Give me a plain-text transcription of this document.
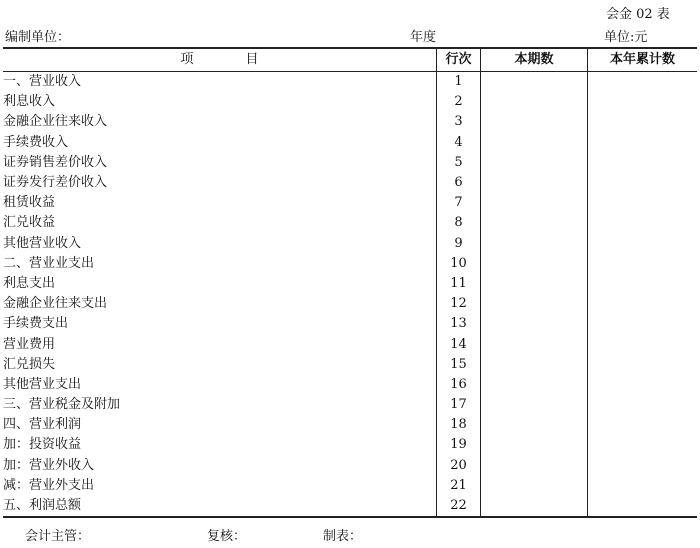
会金 02 表
编制单位：	年度	单位:元
项　　　　目	行次	本期数	本年累计数
一、营业收入	1		
利息收入	2		
金融企业往来收入	3		
手续费收入	4		
证券销售差价收入	5		
证券发行差价收入	6		
租赁收益	7		
汇兑收益	8		
其他营业收入	9		
二、营业业支出	10		
利息支出	11		
金融企业往来支出	12		
手续费支出	13		
营业费用	14		
汇兑损失	15		
其他营业支出	16		
三、营业税金及附加	17		
四、营业利润	18		
加：投资收益	19		
加：营业外收入	20		
减：营业外支出	21		
五、利润总额	22		
会计主管：	复核：	制表：
